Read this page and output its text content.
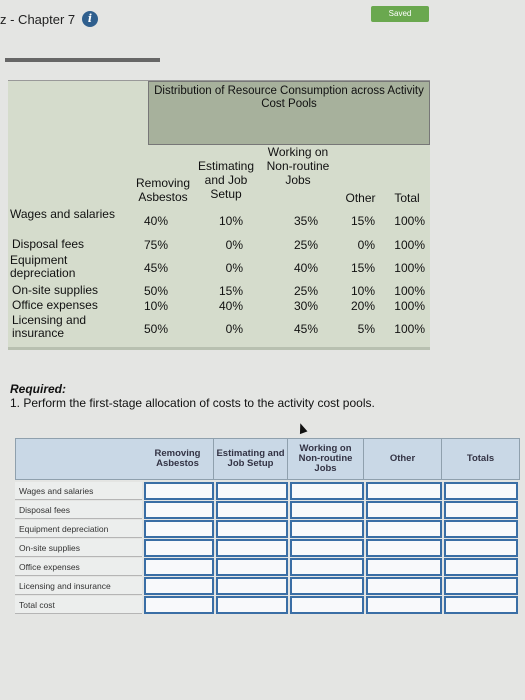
z - Chapter 7	i	Saved
Distribution of Resource Consumption across Activity Cost Pools
Removing Asbestos
Estimating and Job Setup
Working on Non-routine Jobs
Other	Total
Wages and salaries	40%	10%	35%	15%	100%
Disposal fees	75%	0%	25%	0%	100%
Equipment depreciation	45%	0%	40%	15%	100%
On-site supplies	50%	15%	25%	10%	100%
Office expenses	10%	40%	30%	20%	100%
Licensing and insurance	50%	0%	45%	5%	100%
Required:
1. Perform the first-stage allocation of costs to the activity cost pools.
Removing Asbestos
Estimating and Job Setup
Working on Non-routine Jobs
Other	Totals
Wages and salaries
Disposal fees
Equipment depreciation
On-site supplies
Office expenses
Licensing and insurance
Total cost
